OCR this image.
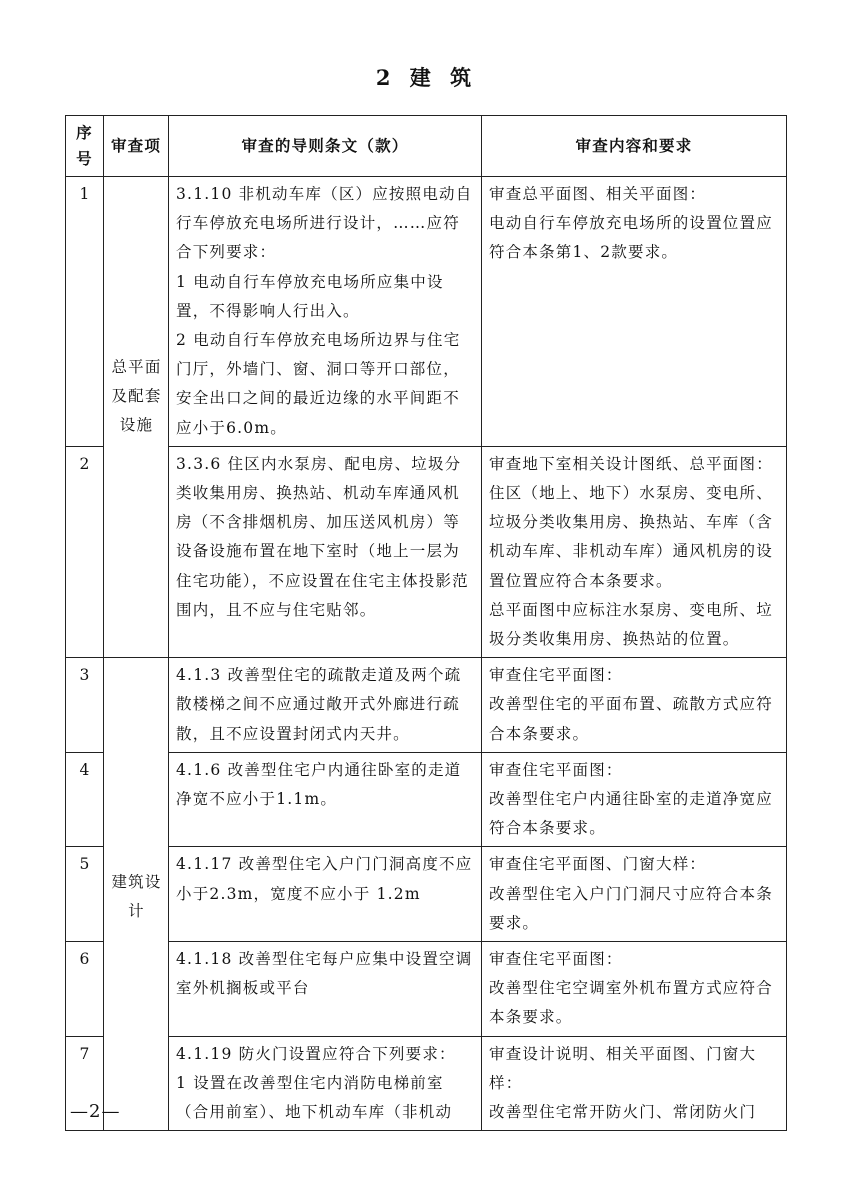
2 建 筑
序号	审查项	审查的导则条文（款）	审查内容和要求
1	总平面及配套设施	3.1.10 非机动车库（区）应按照电动自行车停放充电场所进行设计，……应符合下列要求：
1 电动自行车停放充电场所应集中设置，不得影响人行出入。
2 电动自行车停放充电场所边界与住宅门厅，外墙门、窗、洞口等开口部位，安全出口之间的最近边缘的水平间距不应小于6.0m。	审查总平面图、相关平面图：
电动自行车停放充电场所的设置位置应符合本条第1、2款要求。

2		3.3.6 住区内水泵房、配电房、垃圾分类收集用房、换热站、机动车库通风机房（不含排烟机房、加压送风机房）等设备设施布置在地下室时（地上一层为住宅功能），不应设置在住宅主体投影范围内，且不应与住宅贴邻。	审查地下室相关设计图纸、总平面图：
住区（地上、地下）水泵房、变电所、垃圾分类收集用房、换热站、车库（含机动车库、非机动车库）通风机房的设置位置应符合本条要求。
总平面图中应标注水泵房、变电所、垃圾分类收集用房、换热站的位置。

3	建筑设计	4.1.3 改善型住宅的疏散走道及两个疏散楼梯之间不应通过敞开式外廊进行疏散，且不应设置封闭式内天井。	审查住宅平面图：
改善型住宅的平面布置、疏散方式应符合本条要求。

4		4.1.6 改善型住宅户内通往卧室的走道净宽不应小于1.1m。	审查住宅平面图：
改善型住宅户内通往卧室的走道净宽应符合本条要求。

5		4.1.17 改善型住宅入户门门洞高度不应小于2.3m，宽度不应小于 1.2m	审查住宅平面图、门窗大样：
改善型住宅入户门门洞尺寸应符合本条要求。

6		4.1.18 改善型住宅每户应集中设置空调室外机搁板或平台	审查住宅平面图：
改善型住宅空调室外机布置方式应符合本条要求。

7		4.1.19 防火门设置应符合下列要求：
1 设置在改善型住宅内消防电梯前室（合用前室）、地下机动车库（非机动	审查设计说明、相关平面图、门窗大样：
改善型住宅常开防火门、常闭防火门
—2—
